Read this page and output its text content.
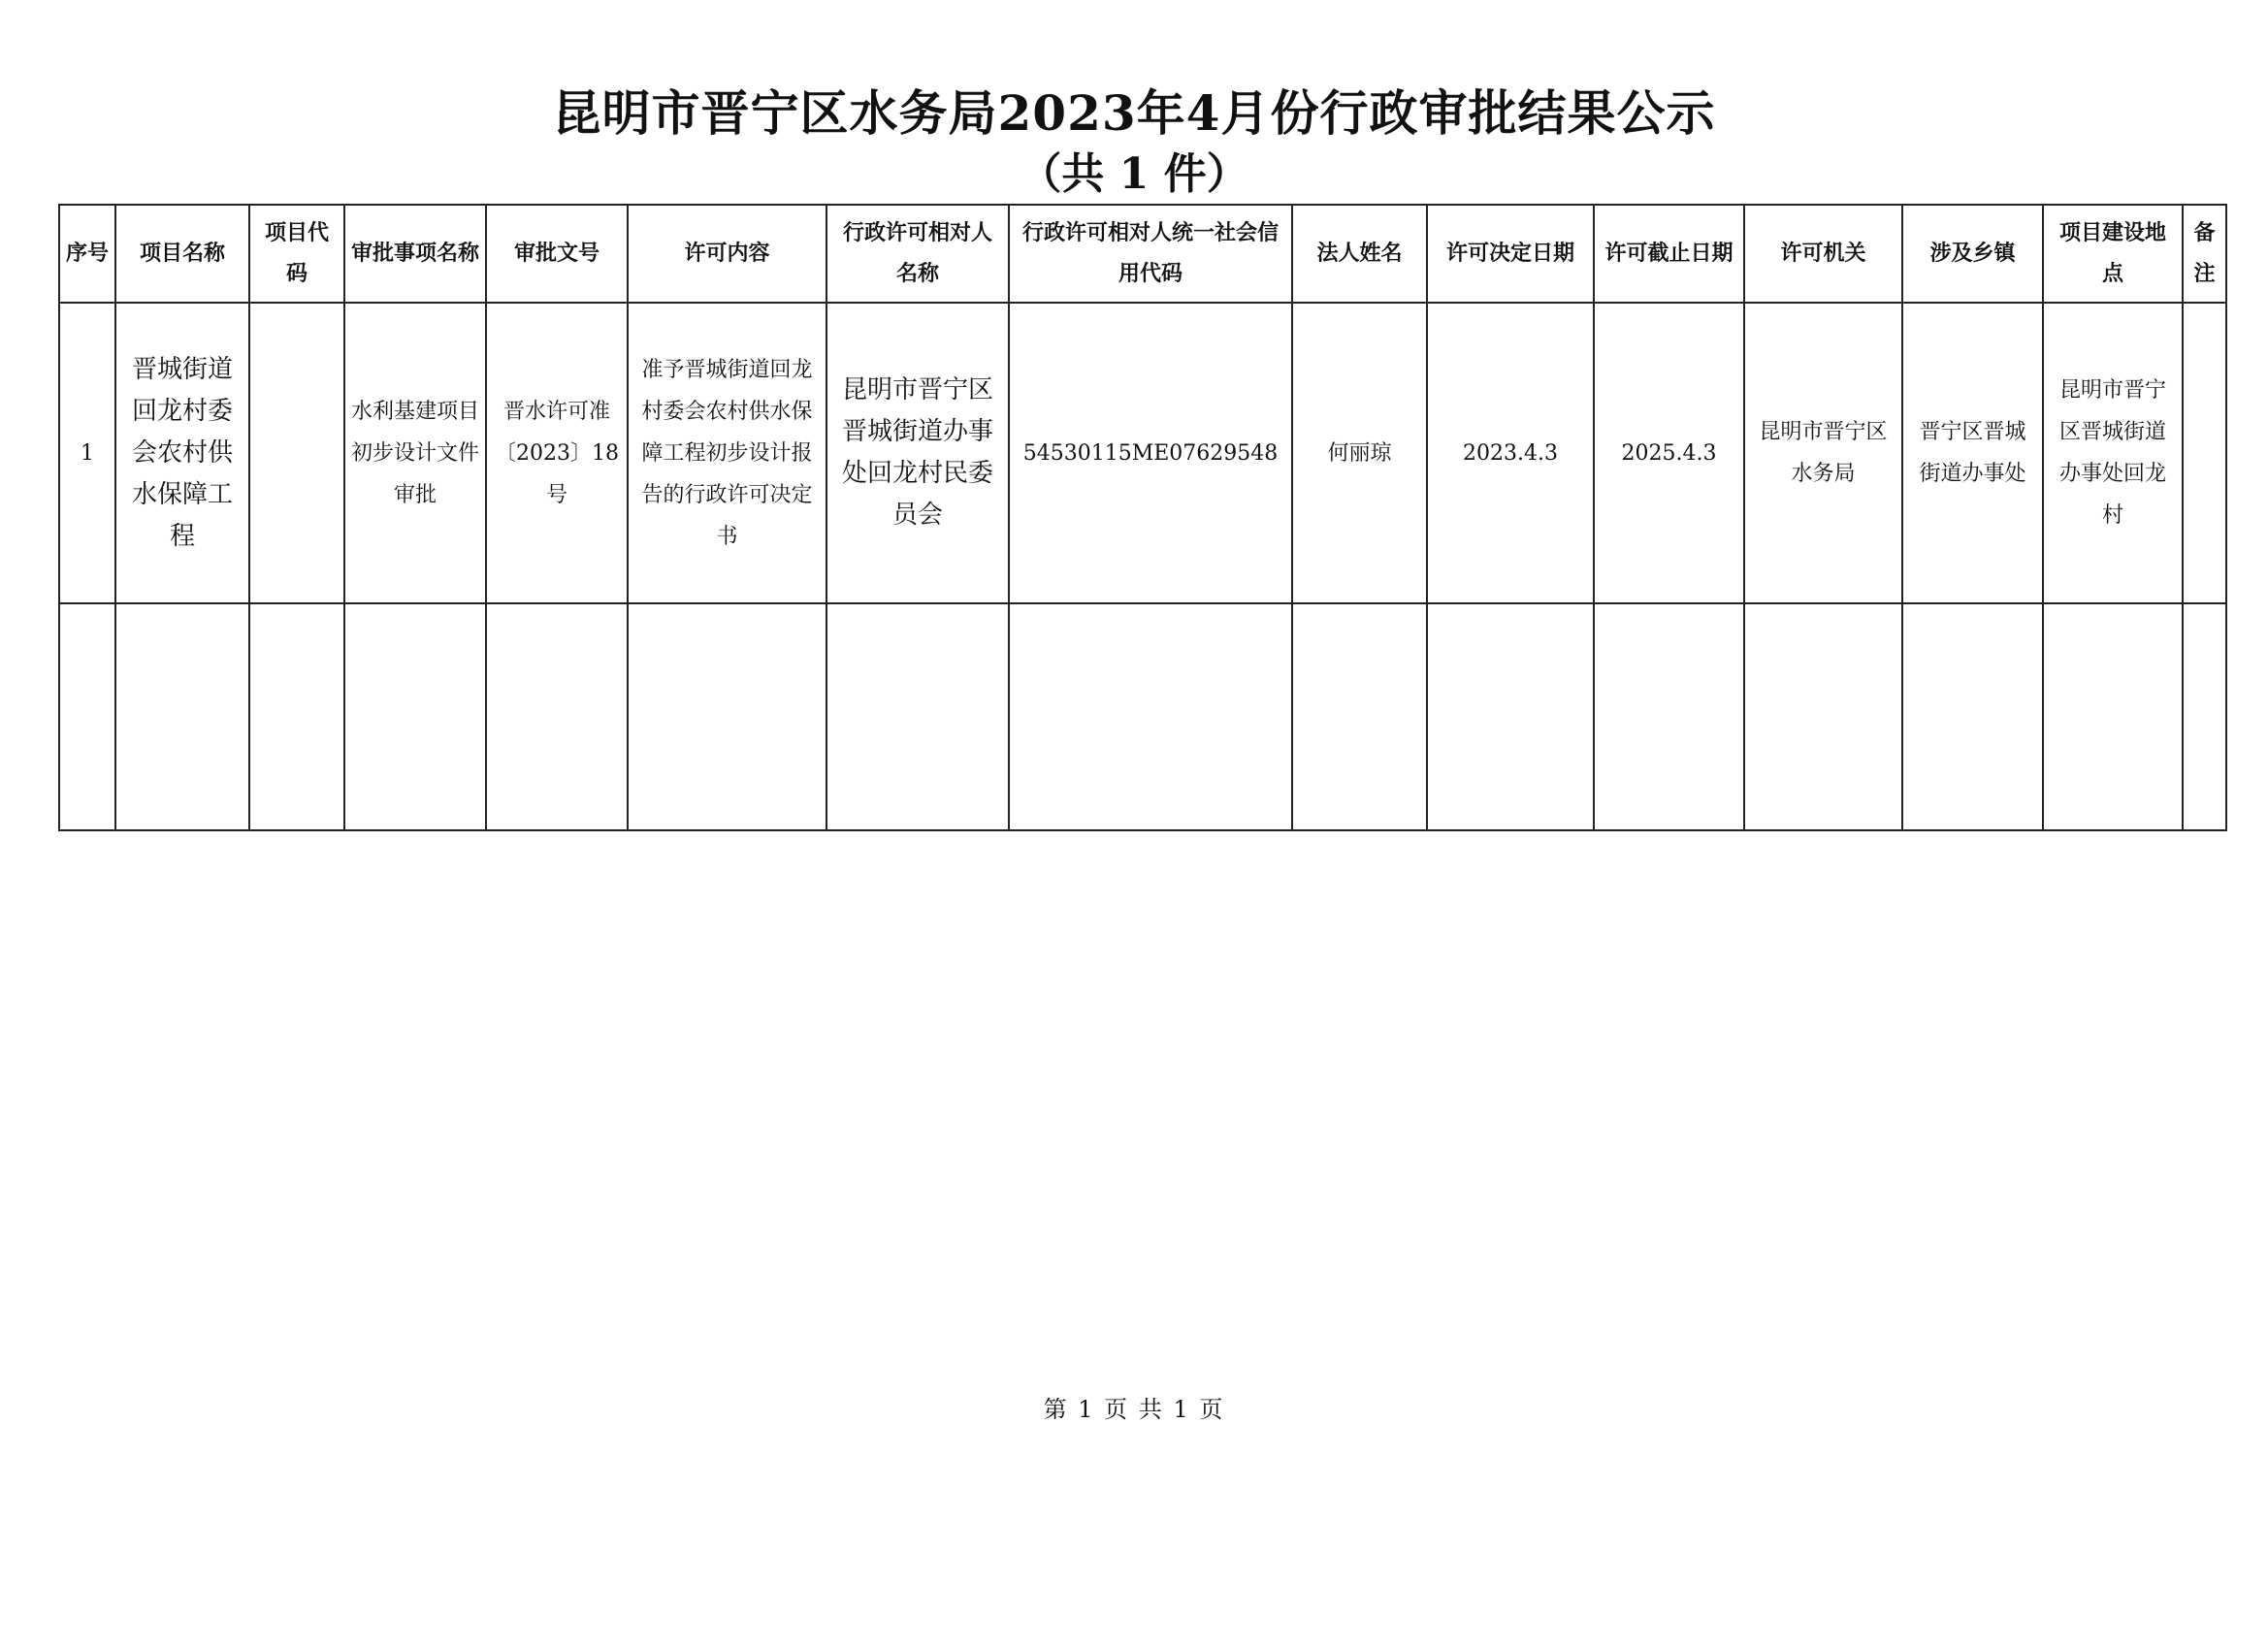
昆明市晋宁区水务局2023年4月份行政审批结果公示
（共 1 件）
序号	项目名称	项目代码	审批事项名称	审批文号	许可内容	行政许可相对人名称	行政许可相对人统一社会信用代码	法人姓名	许可决定日期	许可截止日期	许可机关	涉及乡镇	项目建设地点	备注
1	晋城街道回龙村委会农村供水保障工程		水利基建项目初步设计文件审批	晋水许可准〔2023〕18号	准予晋城街道回龙村委会农村供水保障工程初步设计报告的行政许可决定书	昆明市晋宁区晋城街道办事处回龙村民委员会	54530115ME07629548	何丽琼	2023.4.3	2025.4.3	昆明市晋宁区水务局	晋宁区晋城街道办事处	昆明市晋宁区晋城街道办事处回龙村	

第 1 页 共 1 页
